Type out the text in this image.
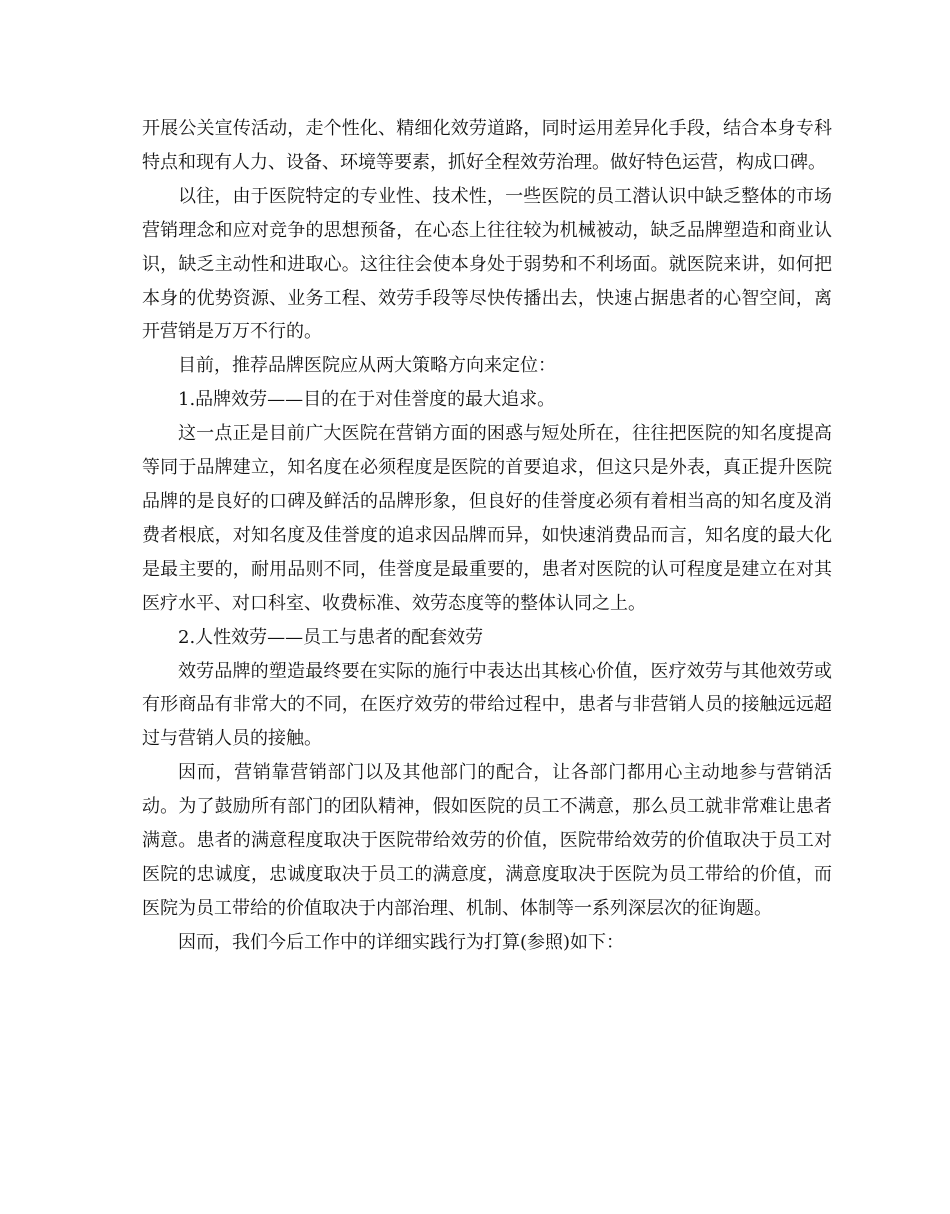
开展公关宣传活动，走个性化、精细化效劳道路，同时运用差异化手段，结合本身专科特点和现有人力、设备、环境等要素，抓好全程效劳治理。做好特色运营，构成口碑。

以往，由于医院特定的专业性、技术性，一些医院的员工潜认识中缺乏整体的市场营销理念和应对竞争的思想预备，在心态上往往较为机械被动，缺乏品牌塑造和商业认识，缺乏主动性和进取心。这往往会使本身处于弱势和不利场面。就医院来讲，如何把本身的优势资源、业务工程、效劳手段等尽快传播出去，快速占据患者的心智空间，离开营销是万万不行的。

目前，推荐品牌医院应从两大策略方向来定位：

1.品牌效劳——目的在于对佳誉度的最大追求。

这一点正是目前广大医院在营销方面的困惑与短处所在，往往把医院的知名度提高等同于品牌建立，知名度在必须程度是医院的首要追求，但这只是外表，真正提升医院品牌的是良好的口碑及鲜活的品牌形象，但良好的佳誉度必须有着相当高的知名度及消费者根底，对知名度及佳誉度的追求因品牌而异，如快速消费品而言，知名度的最大化是最主要的，耐用品则不同，佳誉度是最重要的，患者对医院的认可程度是建立在对其医疗水平、对口科室、收费标准、效劳态度等的整体认同之上。

2.人性效劳——员工与患者的配套效劳

效劳品牌的塑造最终要在实际的施行中表达出其核心价值，医疗效劳与其他效劳或有形商品有非常大的不同，在医疗效劳的带给过程中，患者与非营销人员的接触远远超过与营销人员的接触。

因而，营销靠营销部门以及其他部门的配合，让各部门都用心主动地参与营销活动。为了鼓励所有部门的团队精神，假如医院的员工不满意，那么员工就非常难让患者满意。患者的满意程度取决于医院带给效劳的价值，医院带给效劳的价值取决于员工对医院的忠诚度，忠诚度取决于员工的满意度，满意度取决于医院为员工带给的价值，而医院为员工带给的价值取决于内部治理、机制、体制等一系列深层次的征询题。

因而，我们今后工作中的详细实践行为打算(参照)如下：
